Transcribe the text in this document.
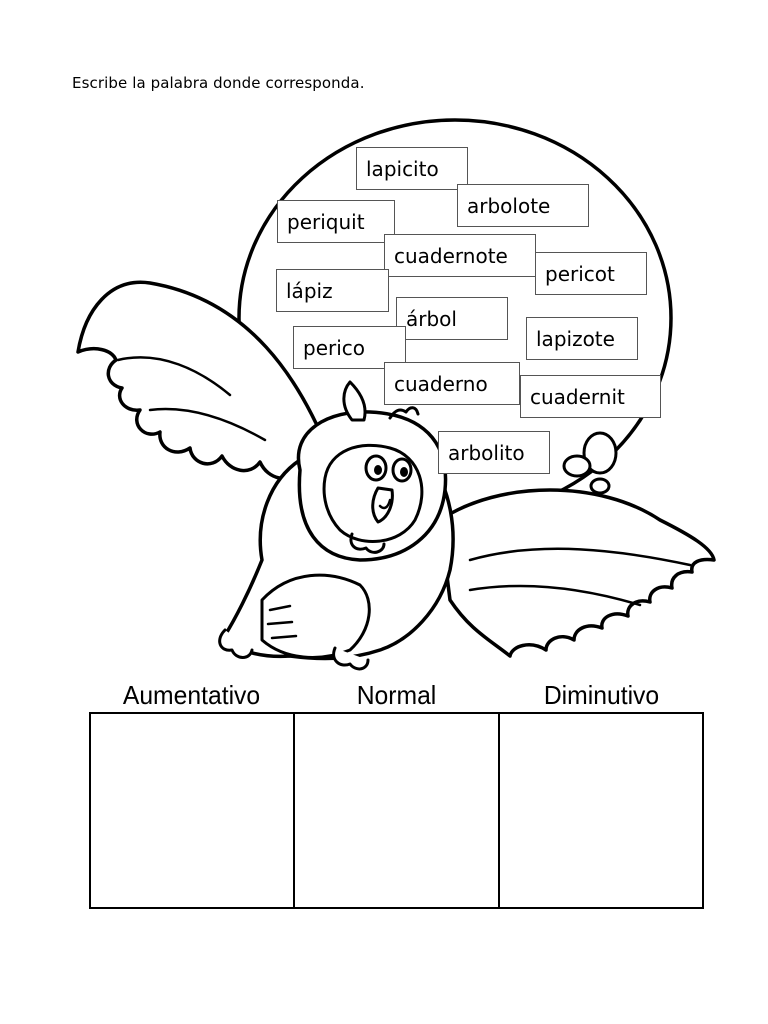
Escribe la palabra donde corresponda.
lapicito
arbolote
periquit
cuadernote
pericot
lápiz
árbol
lapizote
perico
cuaderno
cuadernit
arbolito
Aumentativo	Normal	Diminutivo
